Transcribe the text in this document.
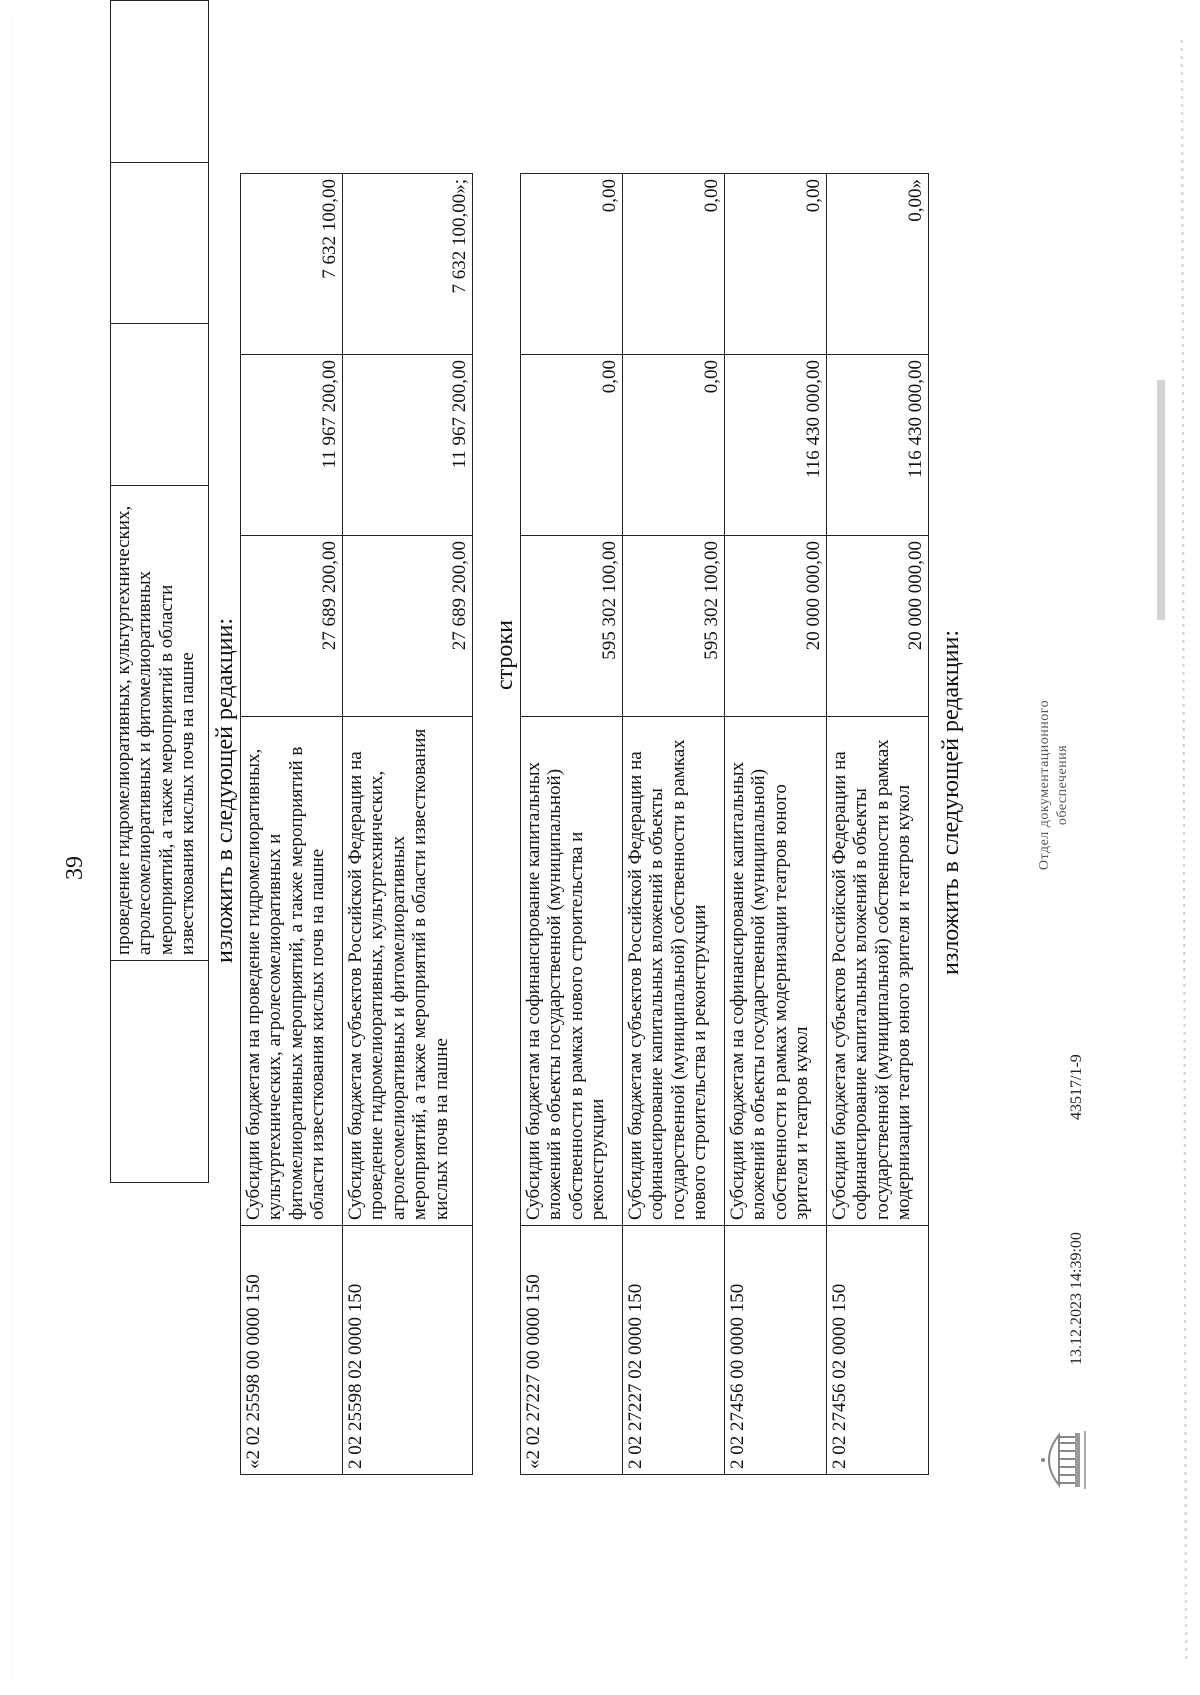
39
	проведение гидромелиоративных, культуртехнических, агролесомелиоративных и фитомелиоративных мероприятий, а также мероприятий в области известкования кислых почв на пашне			изложить в следующей редакции:
«2 02 25598 00 0000 150	Субсидии бюджетам на проведение гидромелиоративных, культуртехнических, агролесомелиоративных и фитомелиоративных мероприятий, а также мероприятий в области известкования кислых почв на пашне	27 689 200,00	11 967 200,00	7 632 100,00
2 02 25598 02 0000 150	Субсидии бюджетам субъектов Российской Федерации на проведение гидромелиоративных, культуртехнических, агролесомелиоративных и фитомелиоративных мероприятий, а также мероприятий в области известкования кислых почв на пашне	27 689 200,00	11 967 200,00	7 632 100,00»;
строки
«2 02 27227 00 0000 150	Субсидии бюджетам на софинансирование капитальных вложений в объекты государственной (муниципальной) собственности в рамках нового строительства и реконструкции	595 302 100,00	0,00	0,00
2 02 27227 02 0000 150	Субсидии бюджетам субъектов Российской Федерации на софинансирование капитальных вложений в объекты государственной (муниципальной) собственности в рамках нового строительства и реконструкции	595 302 100,00	0,00	0,00
2 02 27456 00 0000 150	Субсидии бюджетам на софинансирование капитальных вложений в объекты государственной (муниципальной) собственности в рамках модернизации театров юного зрителя и театров кукол	20 000 000,00	116 430 000,00	0,00
2 02 27456 02 0000 150	Субсидии бюджетам субъектов Российской Федерации на софинансирование капитальных вложений в объекты государственной (муниципальной) собственности в рамках модернизации театров юного зрителя и театров кукол	20 000 000,00	116 430 000,00	0,00»
изложить в следующей редакции:
13.12.2023 14:39:00
43517/1-9
Отдел документационного обеспечения
